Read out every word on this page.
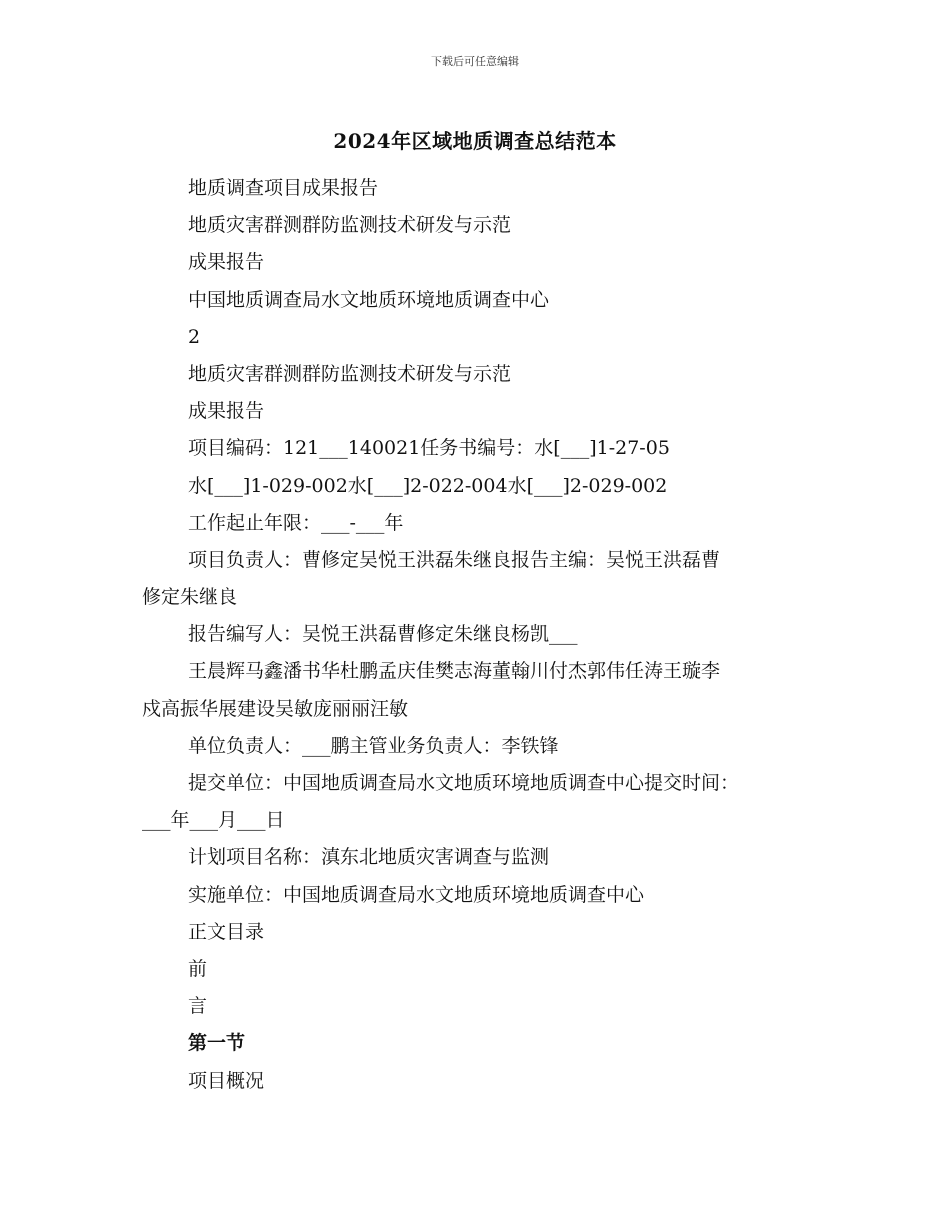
下载后可任意编辑
2024年区域地质调查总结范本
地质调查项目成果报告
地质灾害群测群防监测技术研发与示范
成果报告
中国地质调查局水文地质环境地质调查中心
2
地质灾害群测群防监测技术研发与示范
成果报告
项目编码：121___140021任务书编号：水[___]1-27-05
水[___]1-029-002水[___]2-022-004水[___]2-029-002
工作起止年限：___-___年
项目负责人：曹修定吴悦王洪磊朱继良报告主编：吴悦王洪磊曹
修定朱继良
报告编写人：吴悦王洪磊曹修定朱继良杨凯___
王晨辉马鑫潘书华杜鹏孟庆佳樊志海董翰川付杰郭伟任涛王璇李
戍高振华展建设吴敏庞丽丽汪敏
单位负责人：___鹏主管业务负责人：李铁锋
提交单位：中国地质调查局水文地质环境地质调查中心提交时间：
___年___月___日
计划项目名称：滇东北地质灾害调查与监测
实施单位：中国地质调查局水文地质环境地质调查中心
正文目录
前
言
第一节
项目概况
